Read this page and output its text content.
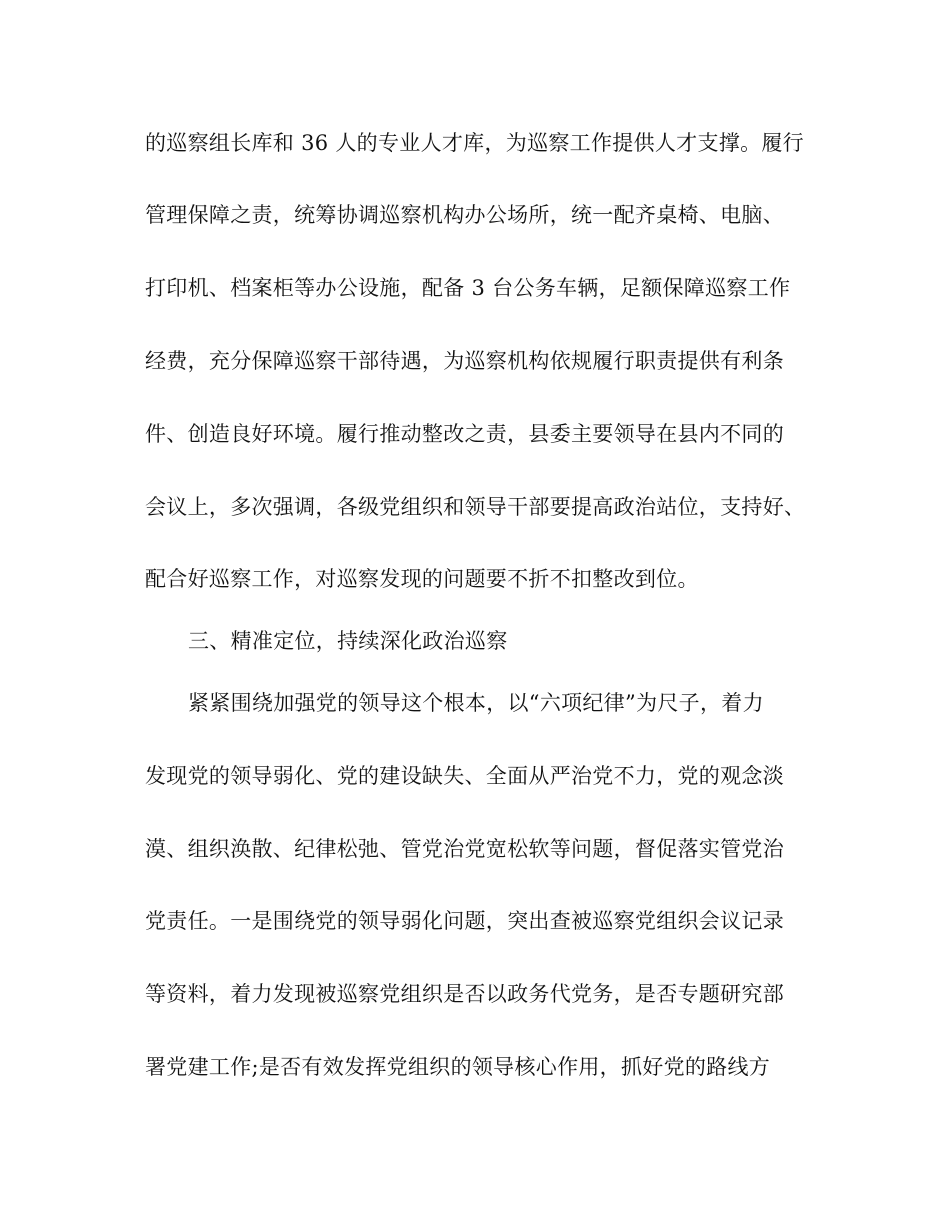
的巡察组长库和 36 人的专业人才库，为巡察工作提供人才支撑。履行

管理保障之责，统筹协调巡察机构办公场所，统一配齐桌椅、电脑、

打印机、档案柜等办公设施，配备 3 台公务车辆，足额保障巡察工作

经费，充分保障巡察干部待遇，为巡察机构依规履行职责提供有利条

件、创造良好环境。履行推动整改之责，县委主要领导在县内不同的

会议上，多次强调，各级党组织和领导干部要提高政治站位，支持好、

配合好巡察工作，对巡察发现的问题要不折不扣整改到位。

三、精准定位，持续深化政治巡察

紧紧围绕加强党的领导这个根本，以“六项纪律”为尺子，着力

发现党的领导弱化、党的建设缺失、全面从严治党不力，党的观念淡

漠、组织涣散、纪律松弛、管党治党宽松软等问题，督促落实管党治

党责任。一是围绕党的领导弱化问题，突出查被巡察党组织会议记录

等资料，着力发现被巡察党组织是否以政务代党务，是否专题研究部

署党建工作;是否有效发挥党组织的领导核心作用，抓好党的路线方
